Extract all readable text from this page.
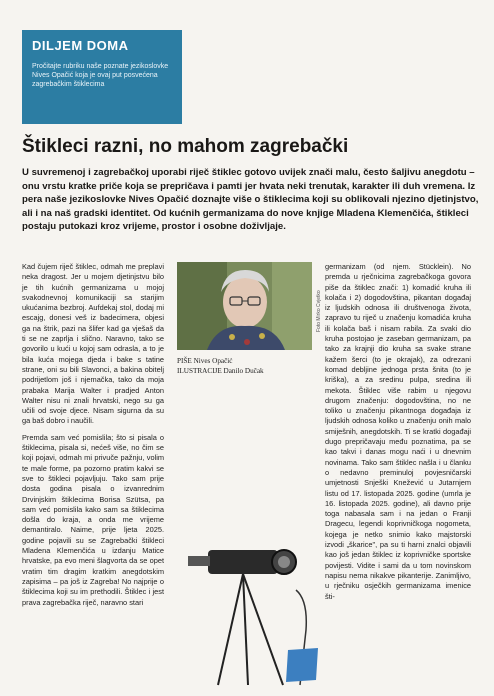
DILJEM DOMA
Pročitajte rubriku naše poznate jezikoslovke Nives Opačić koja je ovaj put posvećena zagrebačkim štiklecima
Štikleci razni, no mahom zagrebački
U suvremenoj i zagrebačkoj uporabi riječ štiklec gotovo uvijek znači malu, često šaljivu anegdotu – onu vrstu kratke priče koja se prepričava i pamti jer hvata neki trenutak, karakter ili duh vremena. Iz pera naše jezikoslovke Nives Opačić doznajte više o štiklecima koji su oblikovali njezino djetinjstvo, ali i na naš gradski identitet. Od kućnih germanizama do nove knjige Mladena Klemenčića, štikleci postaju putokazi kroz vrijeme, prostor i osobne doživljaje.

Kad čujem riječ štiklec, odmah me preplavi neka dragost. Jer u mojem djetinjstvu bilo je tih kućnih germanizama u mojoj svakodnevnoj komunikaciji sa starijim ukućanima bezbroj. Aufdekaj stol, dodaj mi escajg, donesi veš iz badecimera, objesi ga na štrik, pazi na šlifer kad ga vješaš da ti se ne zaprlja i slično. Naravno, tako se govorilo u kući u kojoj sam odrasla, a to je bila kuća mojega djeda i bake s tatine strane, oni su bili Slavonci, a bakina obitelj podrijetlom još i njemačka, tako da moja prabaka Marija Walter i pradjed Anton Walter nisu ni znali hrvatski, nego su ga učili od svoje djece. Nisam sigurna da su ga baš dobro i naučili.

Premda sam već pomislila; što si pisala o štiklecima, pisala si, nećeš više, no čim se koji pojavi, odmah mi privuče pažnju, volim te male forme, pa pozorno pratim kakvi se sve to štikleci pojavljuju. Tako sam prije dosta godina pisala o izvanrednim Drvinjskim štiklecima Borisa Szütsa, pa sam već pomislila kako sam sa štiklecima došla do kraja, a onda me vrijeme demantiralo. Naime, prije ljeta 2025. godine pojavili su se Zagrebački štikleci Mladena Klemenčića u izdanju Matice hrvatske, pa evo meni šlagvorta da se opet vratim tim dragim kratkim anegdotskim zapisima – pa još iz Zagreba! No najprije o štiklecima koji su im prethodili. Štiklec i jest prava zagrebačka riječ, naravno stari

Foto Mirko Cvjetko
PIŠE Nives Opačić
ILUSTRACIJE Danilo Dučak
germanizam (od njem. Stücklein). No premda u rječnicima zagrebačkoga govora piše da štiklec znači: 1) komadić kruha ili kolača i 2) dogodovština, pikantan događaj iz ljudskih odnosa ili društvenoga života, zapravo tu riječ u značenju komadića kruha ili kolača baš i nisam rabila. Za svaki dio kruha postojao je zaseban germanizam, pa tako za krajnji dio kruha sa svake strane kažem šerci (to je okrajak), za odrezani komad debljine jednoga prsta šnita (to je kriška), a za sredinu pulpa, sredina ili mekota. Štiklec više rabim u njegovu drugom značenju: dogodovština, no ne toliko u značenju pikantnoga događaja iz ljudskih odnosa koliko u značenju onih malo smiješnih, anegdotskih. Ti se kratki događaji dugo prepričavaju među poznatima, pa se kao takvi i danas mogu naći i u dnevnim novinama. Tako sam štiklec našla i u članku o nedavno preminuloj povjesničarski umjetnosti Snješki Knežević u Jutarnjem listu od 17. listopada 2025. godine (umrla je 16. listopada 2025. godine), ali davno prije toga nabasala sam i na jedan o Franji Dragecu, legendi koprivničkoga nogometa, kojega je netko snimio kako majstorski izvodi „škarice", pa su ti harni znalci objavili kao još jedan štiklec iz koprivničke sportske povijesti. Vidite i sami da u tom novinskom napisu nema nikakve pikanterije. Zanimljivo, u rječniku osječkih germanizama imenice šti-
